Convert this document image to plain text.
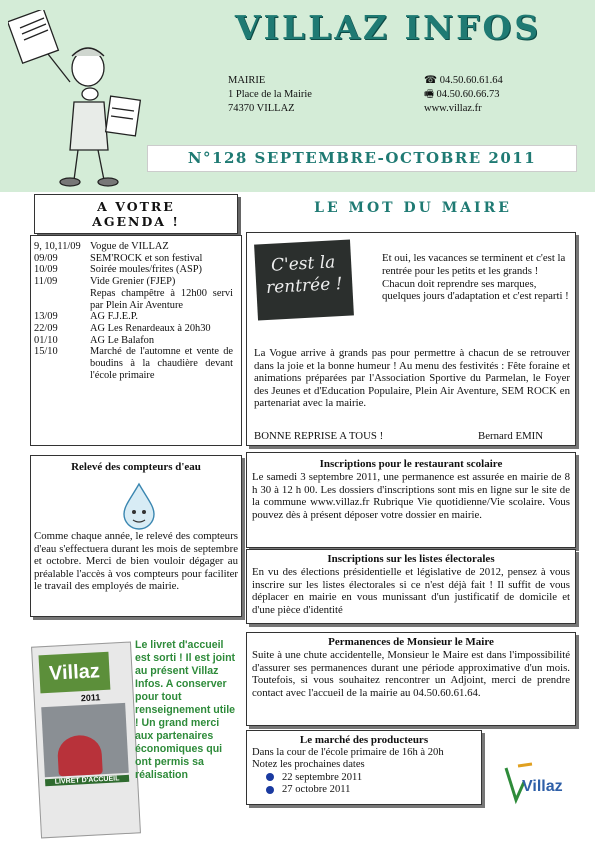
VILLAZ INFOS
MAIRIE
1 Place de la Mairie
74370 VILLAZ
☎ 04.50.60.61.64
🖷 04.50.60.66.73
www.villaz.fr
N°128 SEPTEMBRE-OCTOBRE 2011
A VOTRE
AGENDA !
9, 10,11/09 Vogue de VILLAZ
09/09	SEM'ROCK et son festival
10/09	Soirée moules/frites (ASP)
11/09	Vide Grenier (FJEP)
Repas champêtre à 12h00 servi par Plein Air Aventure
13/09	AG F.J.E.P.
22/09	AG Les Renardeaux à 20h30
01/10	AG Le Balafon
15/10	Marché de l'automne et vente de boudins à la chaudière devant l'école primaire
LE MOT DU MAIRE
C'est la
rentrée !
Et oui, les vacances se terminent et c'est la rentrée pour les petits et les grands ! Chacun doit reprendre ses marques, quelques jours d'adaptation et c'est reparti !
La Vogue arrive à grands pas pour permettre à chacun de se retrouver dans la joie et la bonne humeur ! Au menu des festivités : Fête foraine et animations préparées par l'Association Sportive du Parmelan, le Foyer des Jeunes et d'Education Populaire, Plein Air Aventure, SEM ROCK en partenariat avec la mairie.
BONNE REPRISE A TOUS !	Bernard EMIN
Relevé des compteurs d'eau
Comme chaque année, le relevé des compteurs d'eau s'effectuera durant les mois de septembre et octobre. Merci de bien vouloir dégager au préalable l'accès à vos compteurs pour faciliter le travail des employés de mairie.
Inscriptions pour le restaurant scolaire
Le samedi 3 septembre 2011, une permanence est assurée en mairie de 8 h 30 à 12 h 00. Les dossiers d'inscriptions sont mis en ligne sur le site de la commune www.villaz.fr Rubrique Vie quotidienne/Vie scolaire. Vous pouvez dès à présent déposer votre dossier en mairie.
Inscriptions sur les listes électorales
En vu des élections présidentielle et législative de 2012, pensez à vous inscrire sur les listes électorales si ce n'est déjà fait ! Il suffit de vous déplacer en mairie en vous munissant d'un justificatif de domicile et d'une pièce d'identité
Permanences de Monsieur le Maire
Suite à une chute accidentelle, Monsieur le Maire est dans l'impossibilité d'assurer ses permanences durant une période approximative d'un mois. Toutefois, si vous souhaitez rencontrer un Adjoint, merci de prendre contact avec l'accueil de la mairie au 04.50.60.61.64.
Le marché des producteurs
Dans la cour de l'école primaire de 16h à 20h
Notez les prochaines dates
22 septembre 2011
27 octobre 2011
Villaz
2011
LIVRET D'ACCUEIL
Le livret d'accueil est sorti ! Il est joint au présent Villaz Infos. A conserver pour tout renseignement utile ! Un grand merci aux partenaires économiques qui ont permis sa réalisation
Villaz
